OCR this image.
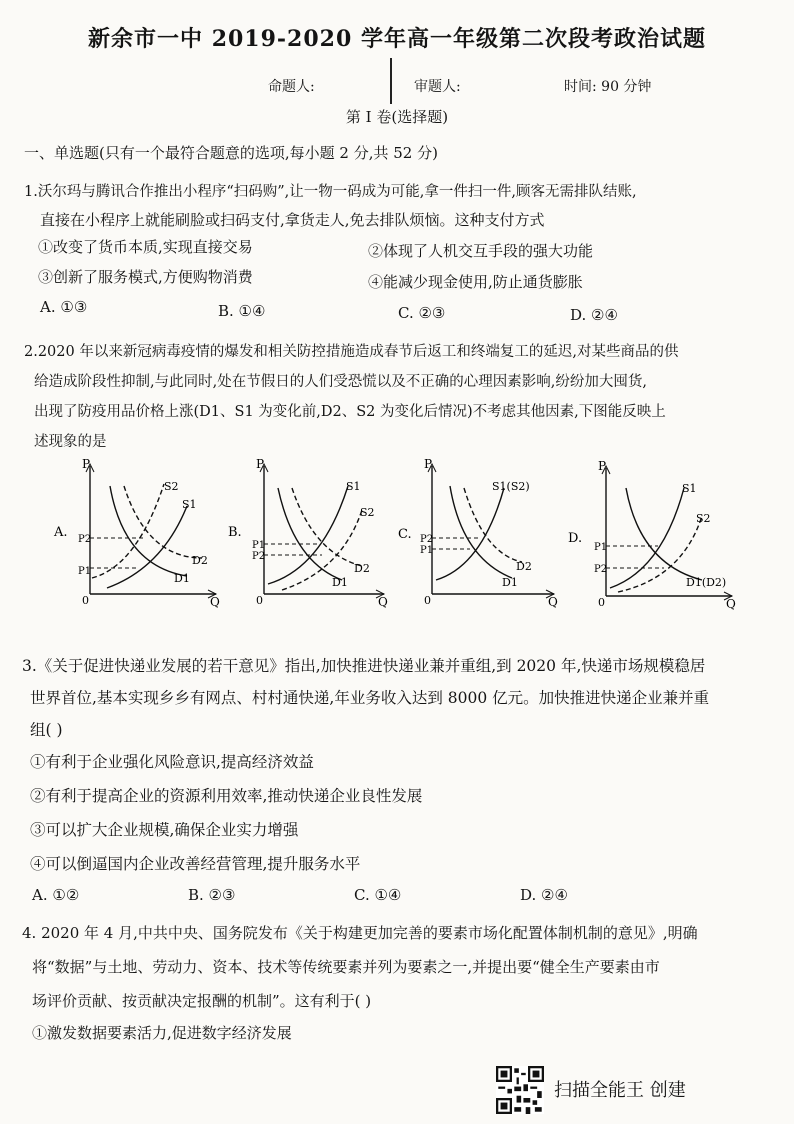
新余市一中 2019-2020 学年高一年级第二次段考政治试题
命题人:	审题人:	时间: 90 分钟
第 I 卷(选择题)
一、单选题(只有一个最符合题意的选项,每小题 2 分,共 52 分)
1.沃尔玛与腾讯合作推出小程序“扫码购”,让一物一码成为可能,拿一件扫一件,顾客无需排队结账,
直接在小程序上就能刷脸或扫码支付,拿货走人,免去排队烦恼。这种支付方式
①改变了货币本质,实现直接交易	②体现了人机交互手段的强大功能
③创新了服务模式,方便购物消费	④能减少现金使用,防止通货膨胀
A. ①③	B. ①④	C. ②③	D. ②④
2.2020 年以来新冠病毒疫情的爆发和相关防控措施造成春节后返工和终端复工的延迟,对某些商品的供
给造成阶段性抑制,与此同时,处在节假日的人们受恐慌以及不正确的心理因素影响,纷纷加大囤货,
出现了防疫用品价格上涨(D1、S1 为变化前,D2、S2 为变化后情况)不考虑其他因素,下图能反映上
述现象的是
A.
P
Q
0
P2
P1
S2
S1
D2
D1
B.
P
Q
0
P1
P2
S1
S2
D2
D1
C.
P
Q
0
P2
P1
S1(S2)
D2
D1
D.
P
Q
0
P1
P2
S1
S2
D1(D2)
3.《关于促进快递业发展的若干意见》指出,加快推进快递业兼并重组,到 2020 年,快递市场规模稳居
世界首位,基本实现乡乡有网点、村村通快递,年业务收入达到 8000 亿元。加快推进快递企业兼并重
组( )
①有利于企业强化风险意识,提高经济效益
②有利于提高企业的资源利用效率,推动快递企业良性发展
③可以扩大企业规模,确保企业实力增强
④可以倒逼国内企业改善经营管理,提升服务水平
A. ①②	B. ②③	C. ①④	D. ②④
4. 2020 年 4 月,中共中央、国务院发布《关于构建更加完善的要素市场化配置体制机制的意见》,明确
将“数据”与土地、劳动力、资本、技术等传统要素并列为要素之一,并提出要“健全生产要素由市
场评价贡献、按贡献决定报酬的机制”。这有利于( )
①激发数据要素活力,促进数字经济发展
扫描全能王 创建
